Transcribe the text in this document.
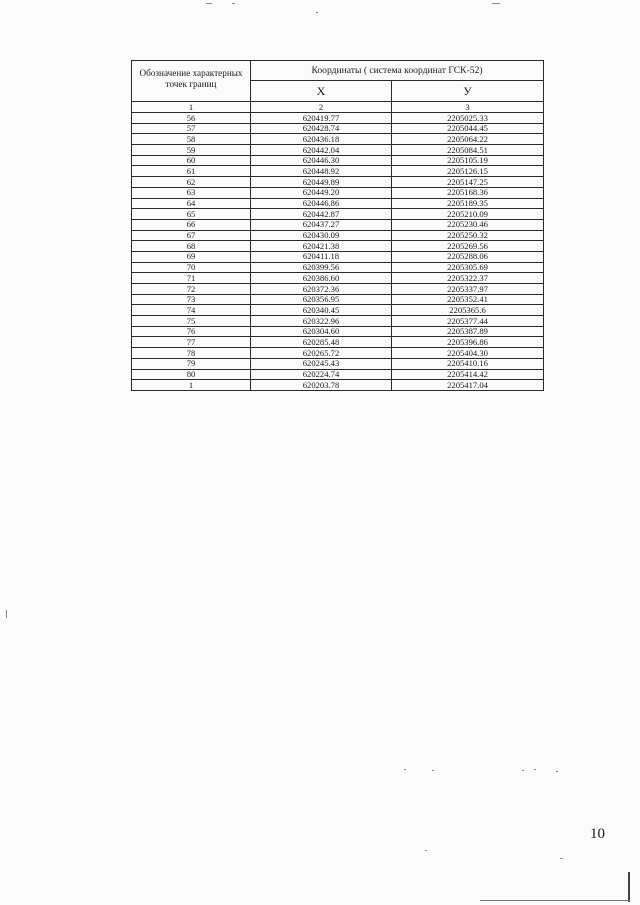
Обозначение характерных точек границ	Координаты ( система координат ГСК-52)	
	X	У
1	2	3
56	620419.77	2205025.33
57	620428.74	2205044.45
58	620436.18	2205064.22
59	620442.04	2205084.51
60	620446.30	2205105.19
61	620448.92	2205126.15
62	620449.89	2205147.25
63	620449.20	2205168.36
64	620446.86	2205189.35
65	620442.87	2205210.09
66	620437.27	2205230.46
67	620430.09	2205250.32
68	620421.38	2205269.56
69	620411.18	2205288.06
70	620399.56	2205305.69
71	620386.60	2205322.37
72	620372.36	2205337.97
73	620356.95	2205352.41
74	620340.45	2205365.6
75	620322.96	2205377.44
76	620304.60	2205387.89
77	620285.48	2205396.86
78	620265.72	2205404.30
79	620245.43	2205410.16
80	620224.74	2205414.42
1	620203.78	2205417.04
10
